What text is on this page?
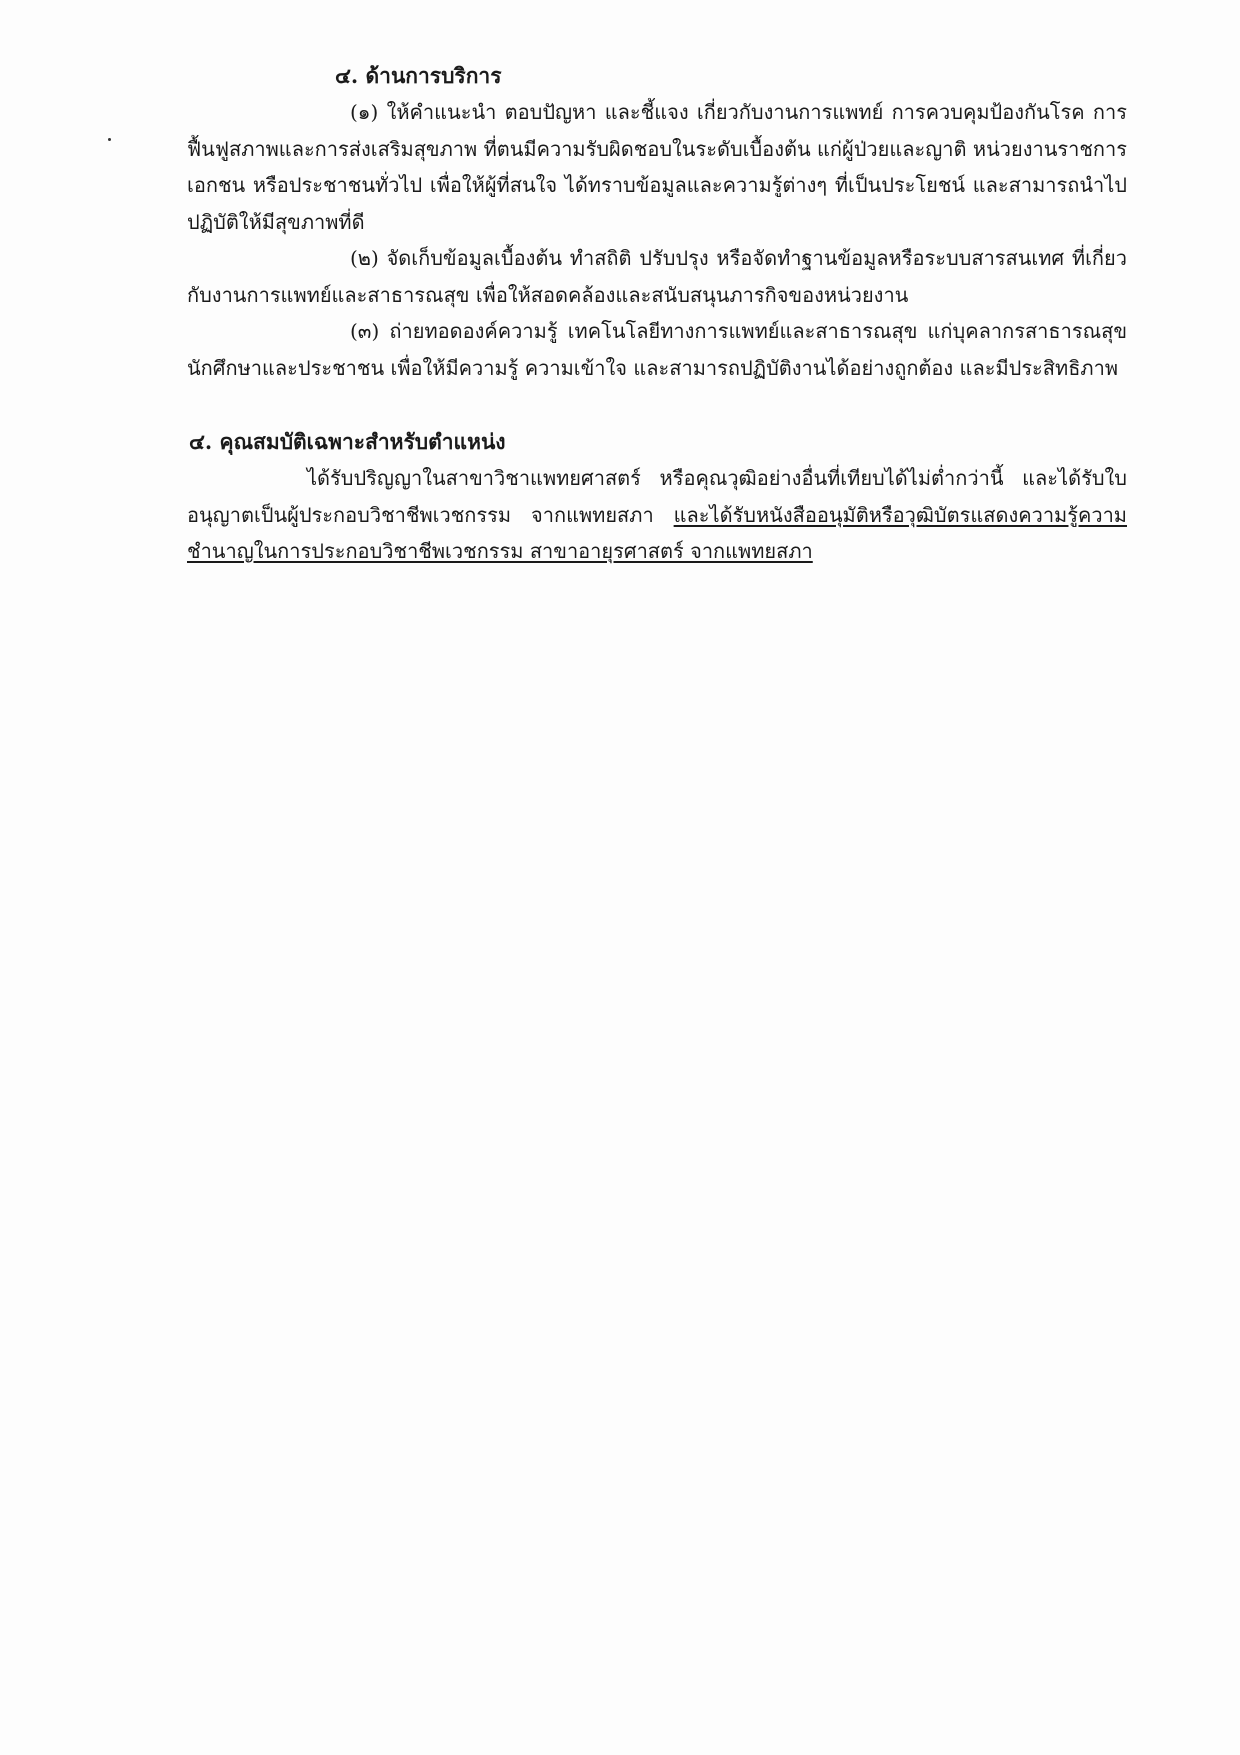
๔. ด้านการบริการ

(๑) ให้คำแนะนำ ตอบปัญหา และชี้แจง เกี่ยวกับงานการแพทย์ การควบคุมป้องกันโรค การฟื้นฟูสภาพและการส่งเสริมสุขภาพ ที่ตนมีความรับผิดชอบในระดับเบื้องต้น แก่ผู้ป่วยและญาติ หน่วยงานราชการ เอกชน หรือประชาชนทั่วไป เพื่อให้ผู้ที่สนใจ ได้ทราบข้อมูลและความรู้ต่างๆ ที่เป็นประโยชน์ และสามารถนำไปปฏิบัติให้มีสุขภาพที่ดี

(๒) จัดเก็บข้อมูลเบื้องต้น ทำสถิติ ปรับปรุง หรือจัดทำฐานข้อมูลหรือระบบสารสนเทศ ที่เกี่ยวกับงานการแพทย์และสาธารณสุข เพื่อให้สอดคล้องและสนับสนุนภารกิจของหน่วยงาน

(๓) ถ่ายทอดองค์ความรู้ เทคโนโลยีทางการแพทย์และสาธารณสุข แก่บุคลากรสาธารณสุขนักศึกษาและประชาชน เพื่อให้มีความรู้ ความเข้าใจ และสามารถปฏิบัติงานได้อย่างถูกต้อง และมีประสิทธิภาพ

๔. คุณสมบัติเฉพาะสำหรับตำแหน่ง

ได้รับปริญญาในสาขาวิชาแพทยศาสตร์ หรือคุณวุฒิอย่างอื่นที่เทียบได้ไม่ต่ำกว่านี้ และได้รับใบอนุญาตเป็นผู้ประกอบวิชาชีพเวชกรรม จากแพทยสภา และได้รับหนังสืออนุมัติหรือวุฒิบัตรแสดงความรู้ความชำนาญในการประกอบวิชาชีพเวชกรรม สาขาอายุรศาสตร์ จากแพทยสภา
